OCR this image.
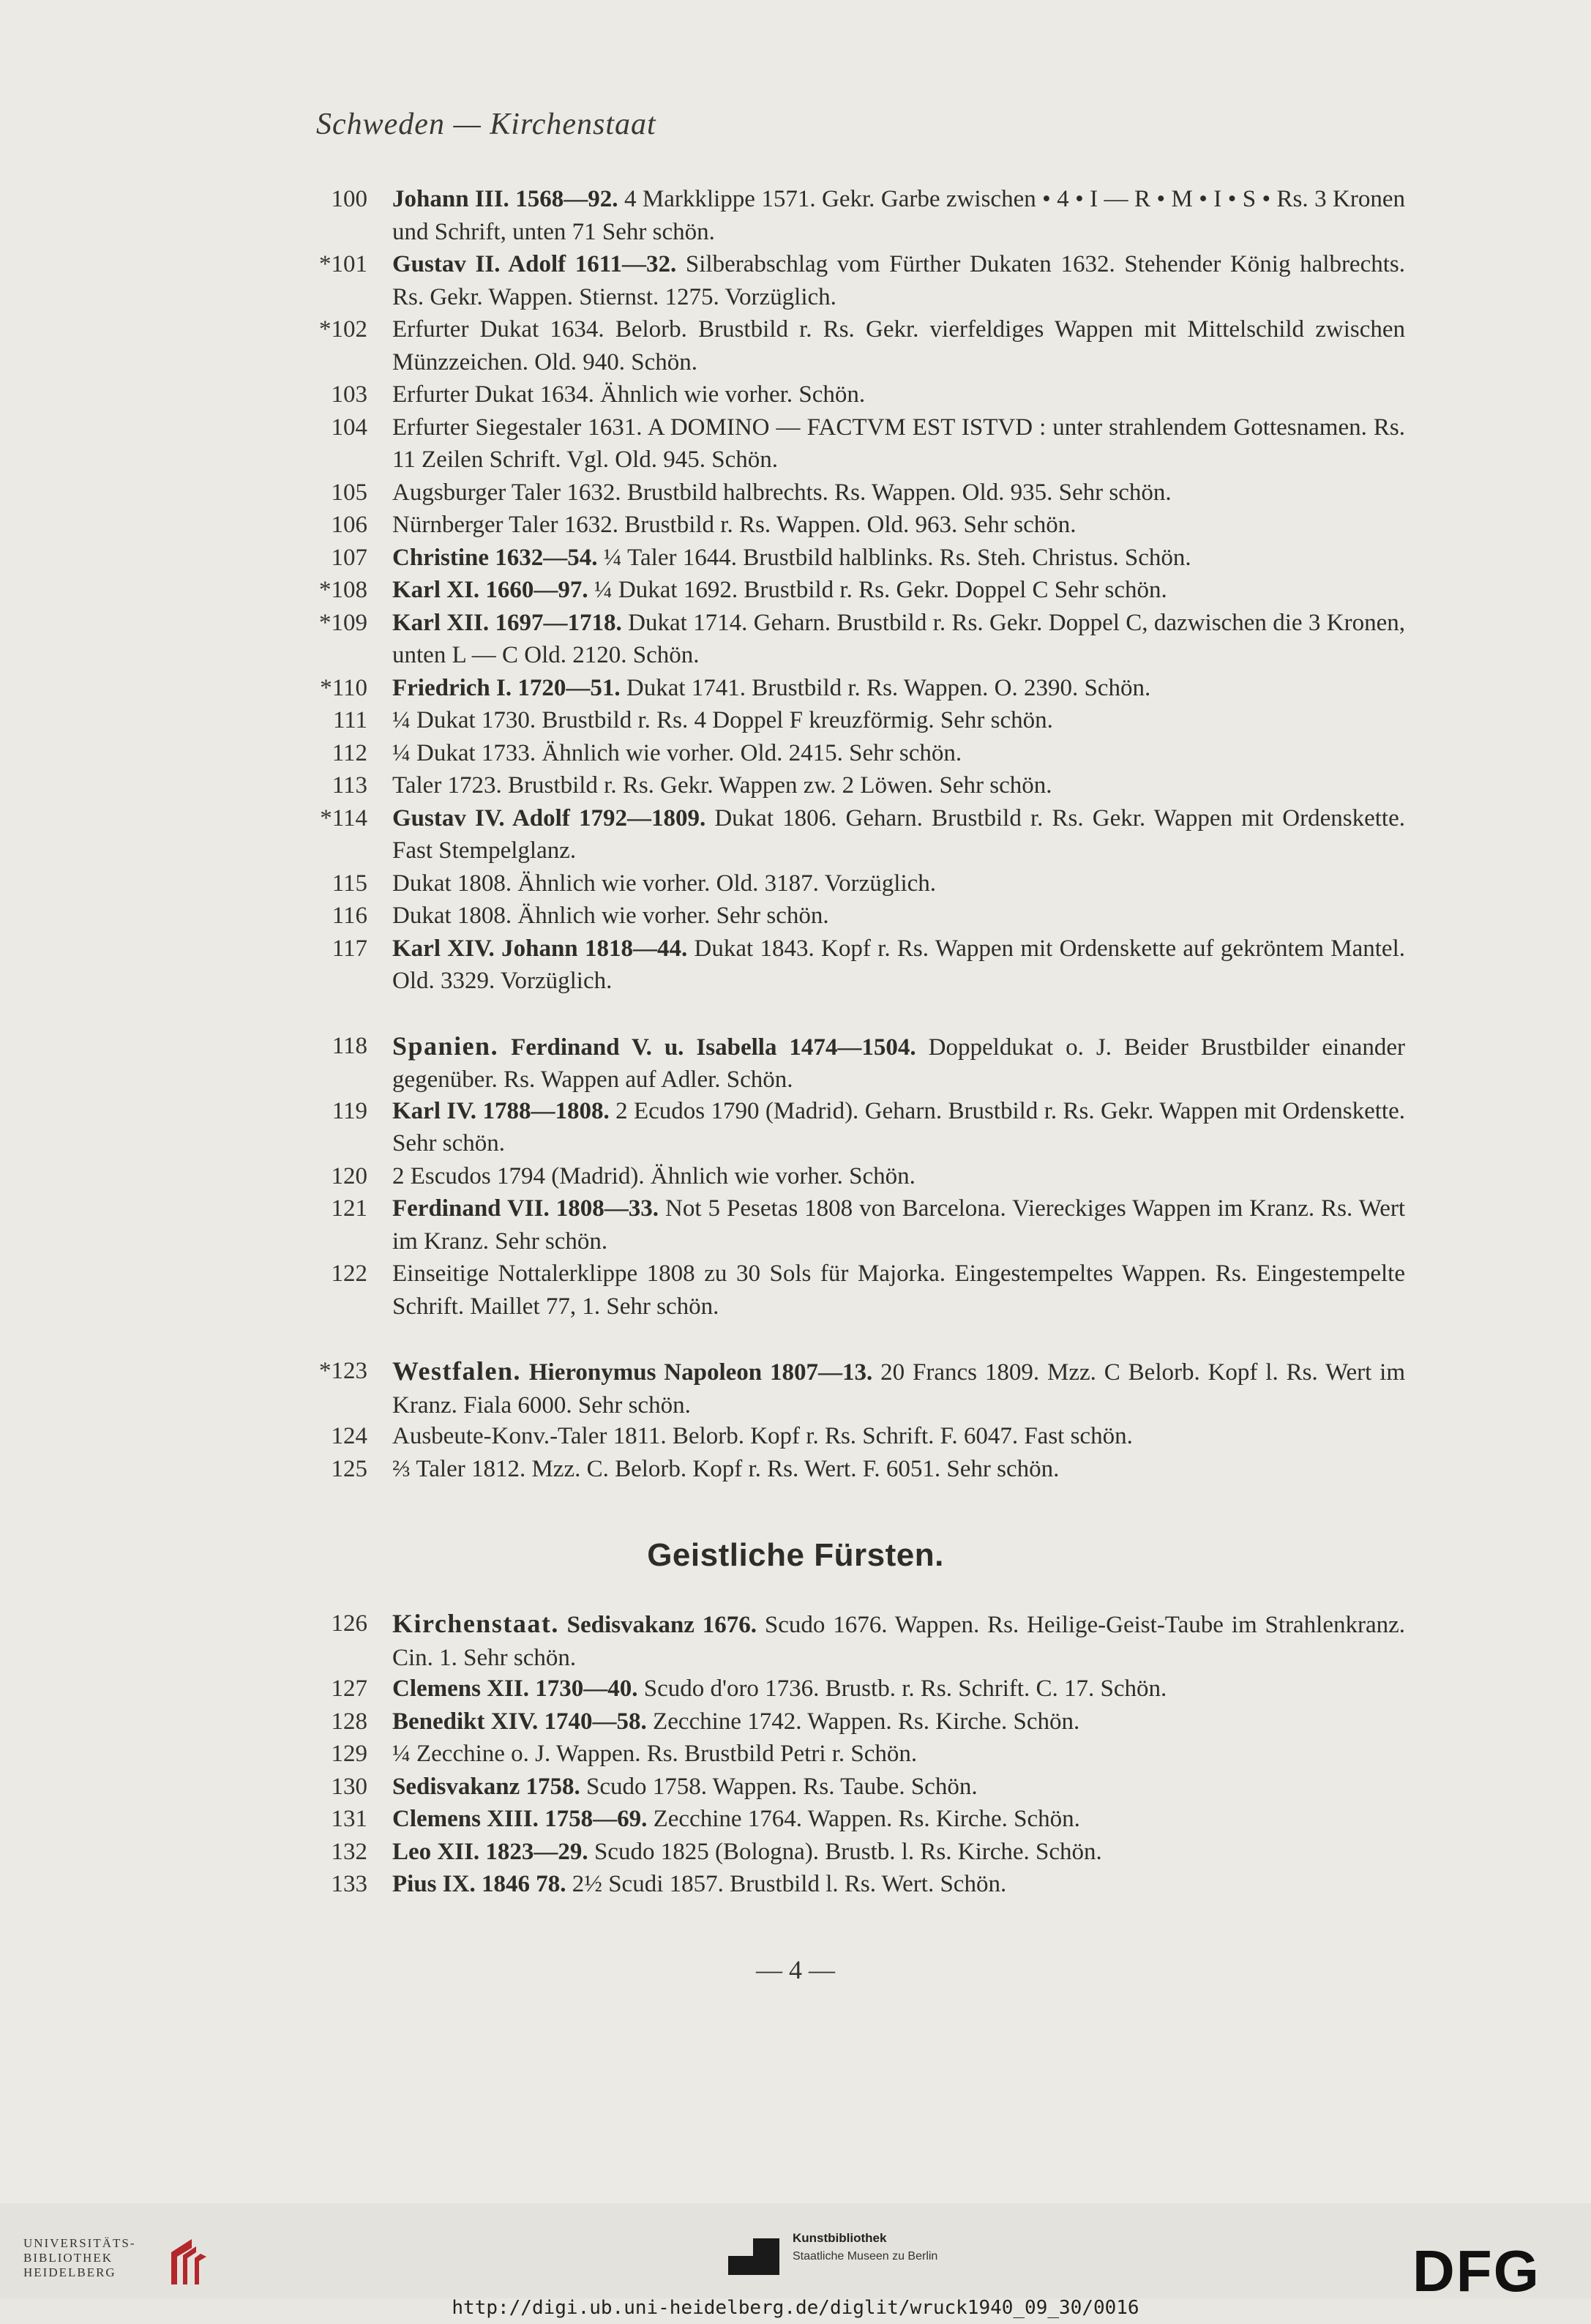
Schweden — Kirchenstaat
100 Johann III. 1568—92. 4 Markklippe 1571. Gekr. Garbe zwischen • 4 • I — R • M • I • S • Rs. 3 Kronen und Schrift, unten 71 Sehr schön.
*101 Gustav II. Adolf 1611—32. Silberabschlag vom Fürther Dukaten 1632. Stehender König halbrechts. Rs. Gekr. Wappen. Stiernst. 1275. Vorzüglich.
*102 Erfurter Dukat 1634. Belorb. Brustbild r. Rs. Gekr. vierfeldiges Wappen mit Mittelschild zwischen Münzzeichen. Old. 940. Schön.
103 Erfurter Dukat 1634. Ähnlich wie vorher. Schön.
104 Erfurter Siegestaler 1631. A DOMINO — FACTVM EST ISTVD : unter strahlendem Gottesnamen. Rs. 11 Zeilen Schrift. Vgl. Old. 945. Schön.
105 Augsburger Taler 1632. Brustbild halbrechts. Rs. Wappen. Old. 935. Sehr schön.
106 Nürnberger Taler 1632. Brustbild r. Rs. Wappen. Old. 963. Sehr schön.
107 Christine 1632—54. ¼ Taler 1644. Brustbild halblinks. Rs. Steh. Christus. Schön.
*108 Karl XI. 1660—97. ¼ Dukat 1692. Brustbild r. Rs. Gekr. Doppel C Sehr schön.
*109 Karl XII. 1697—1718. Dukat 1714. Geharn. Brustbild r. Rs. Gekr. Doppel C, dazwischen die 3 Kronen, unten L — C Old. 2120. Schön.
*110 Friedrich I. 1720—51. Dukat 1741. Brustbild r. Rs. Wappen. O. 2390. Schön.
111 ¼ Dukat 1730. Brustbild r. Rs. 4 Doppel F kreuzförmig. Sehr schön.
112 ¼ Dukat 1733. Ähnlich wie vorher. Old. 2415. Sehr schön.
113 Taler 1723. Brustbild r. Rs. Gekr. Wappen zw. 2 Löwen. Sehr schön.
*114 Gustav IV. Adolf 1792—1809. Dukat 1806. Geharn. Brustbild r. Rs. Gekr. Wappen mit Ordenskette. Fast Stempelglanz.
115 Dukat 1808. Ähnlich wie vorher. Old. 3187. Vorzüglich.
116 Dukat 1808. Ähnlich wie vorher. Sehr schön.
117 Karl XIV. Johann 1818—44. Dukat 1843. Kopf r. Rs. Wappen mit Ordenskette auf gekröntem Mantel. Old. 3329. Vorzüglich.
118 Spanien. Ferdinand V. u. Isabella 1474—1504. Doppeldukat o. J. Beider Brustbilder einander gegenüber. Rs. Wappen auf Adler. Schön.
119 Karl IV. 1788—1808. 2 Ecudos 1790 (Madrid). Geharn. Brustbild r. Rs. Gekr. Wappen mit Ordenskette. Sehr schön.
120 2 Escudos 1794 (Madrid). Ähnlich wie vorher. Schön.
121 Ferdinand VII. 1808—33. Not 5 Pesetas 1808 von Barcelona. Viereckiges Wappen im Kranz. Rs. Wert im Kranz. Sehr schön.
122 Einseitige Nottalerklippe 1808 zu 30 Sols für Majorka. Eingestempeltes Wappen. Rs. Eingestempelte Schrift. Maillet 77, 1. Sehr schön.
*123 Westfalen. Hieronymus Napoleon 1807—13. 20 Francs 1809. Mzz. C Belorb. Kopf l. Rs. Wert im Kranz. Fiala 6000. Sehr schön.
124 Ausbeute-Konv.-Taler 1811. Belorb. Kopf r. Rs. Schrift. F. 6047. Fast schön.
125 ⅔ Taler 1812. Mzz. C. Belorb. Kopf r. Rs. Wert. F. 6051. Sehr schön.
Geistliche Fürsten.
126 Kirchenstaat. Sedisvakanz 1676. Scudo 1676. Wappen. Rs. Heilige-Geist-Taube im Strahlenkranz. Cin. 1. Sehr schön.
127 Clemens XII. 1730—40. Scudo d'oro 1736. Brustb. r. Rs. Schrift. C. 17. Schön.
128 Benedikt XIV. 1740—58. Zecchine 1742. Wappen. Rs. Kirche. Schön.
129 ¼ Zecchine o. J. Wappen. Rs. Brustbild Petri r. Schön.
130 Sedisvakanz 1758. Scudo 1758. Wappen. Rs. Taube. Schön.
131 Clemens XIII. 1758—69. Zecchine 1764. Wappen. Rs. Kirche. Schön.
132 Leo XII. 1823—29. Scudo 1825 (Bologna). Brustb. l. Rs. Kirche. Schön.
133 Pius IX. 1846 78. 2½ Scudi 1857. Brustbild l. Rs. Wert. Schön.
— 4 —
UNIVERSITÄTS-
BIBLIOTHEK
HEIDELBERG
Kunstbibliothek
Staatliche Museen zu Berlin	DFG
http://digi.ub.uni-heidelberg.de/diglit/wruck1940_09_30/0016
